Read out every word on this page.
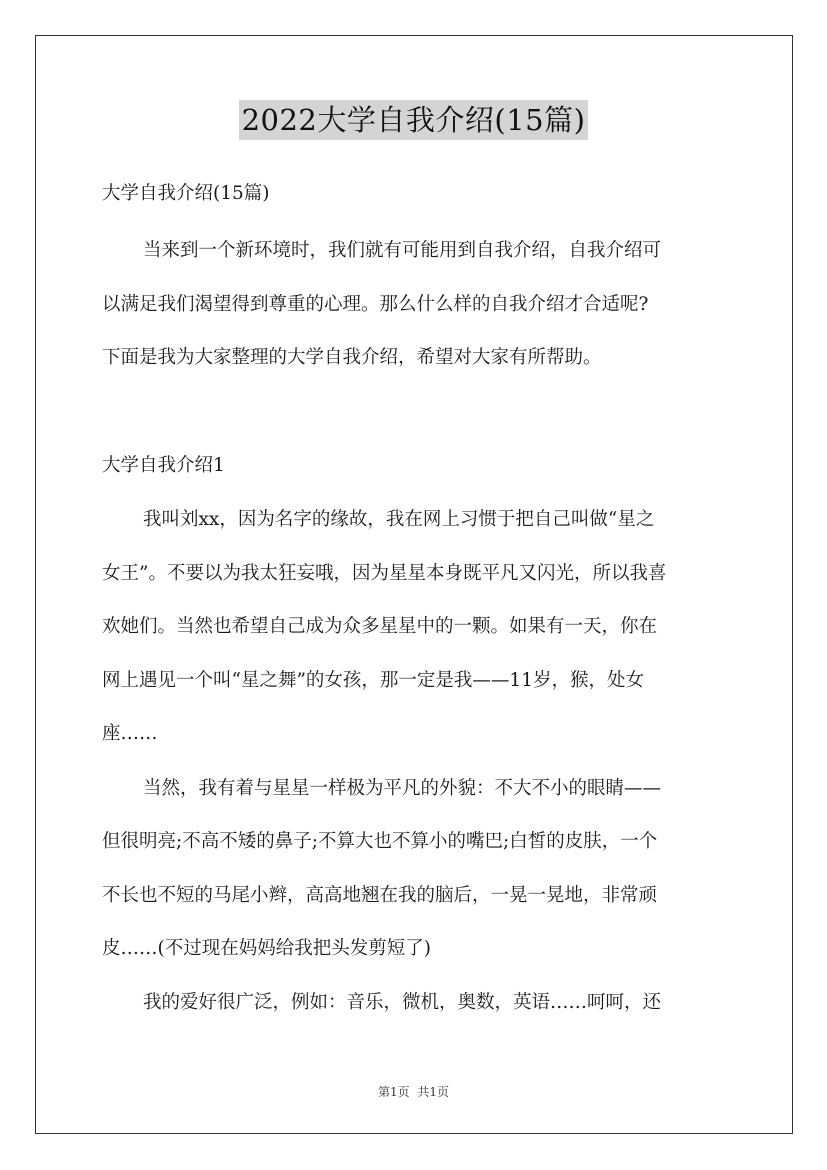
2022大学自我介绍(15篇)
大学自我介绍(15篇)
当来到一个新环境时，我们就有可能用到自我介绍，自我介绍可
以满足我们渴望得到尊重的心理。那么什么样的自我介绍才合适呢?
下面是我为大家整理的大学自我介绍，希望对大家有所帮助。
大学自我介绍1
我叫刘xx，因为名字的缘故，我在网上习惯于把自己叫做“星之
女王”。不要以为我太狂妄哦，因为星星本身既平凡又闪光，所以我喜
欢她们。当然也希望自己成为众多星星中的一颗。如果有一天，你在
网上遇见一个叫“星之舞”的女孩，那一定是我——11岁，猴，处女
座……
当然，我有着与星星一样极为平凡的外貌：不大不小的眼睛——
但很明亮;不高不矮的鼻子;不算大也不算小的嘴巴;白皙的皮肤，一个
不长也不短的马尾小辫，高高地翘在我的脑后，一晃一晃地，非常顽
皮……(不过现在妈妈给我把头发剪短了)
我的爱好很广泛，例如：音乐，微机，奥数，英语……呵呵，还
第1页 共1页
